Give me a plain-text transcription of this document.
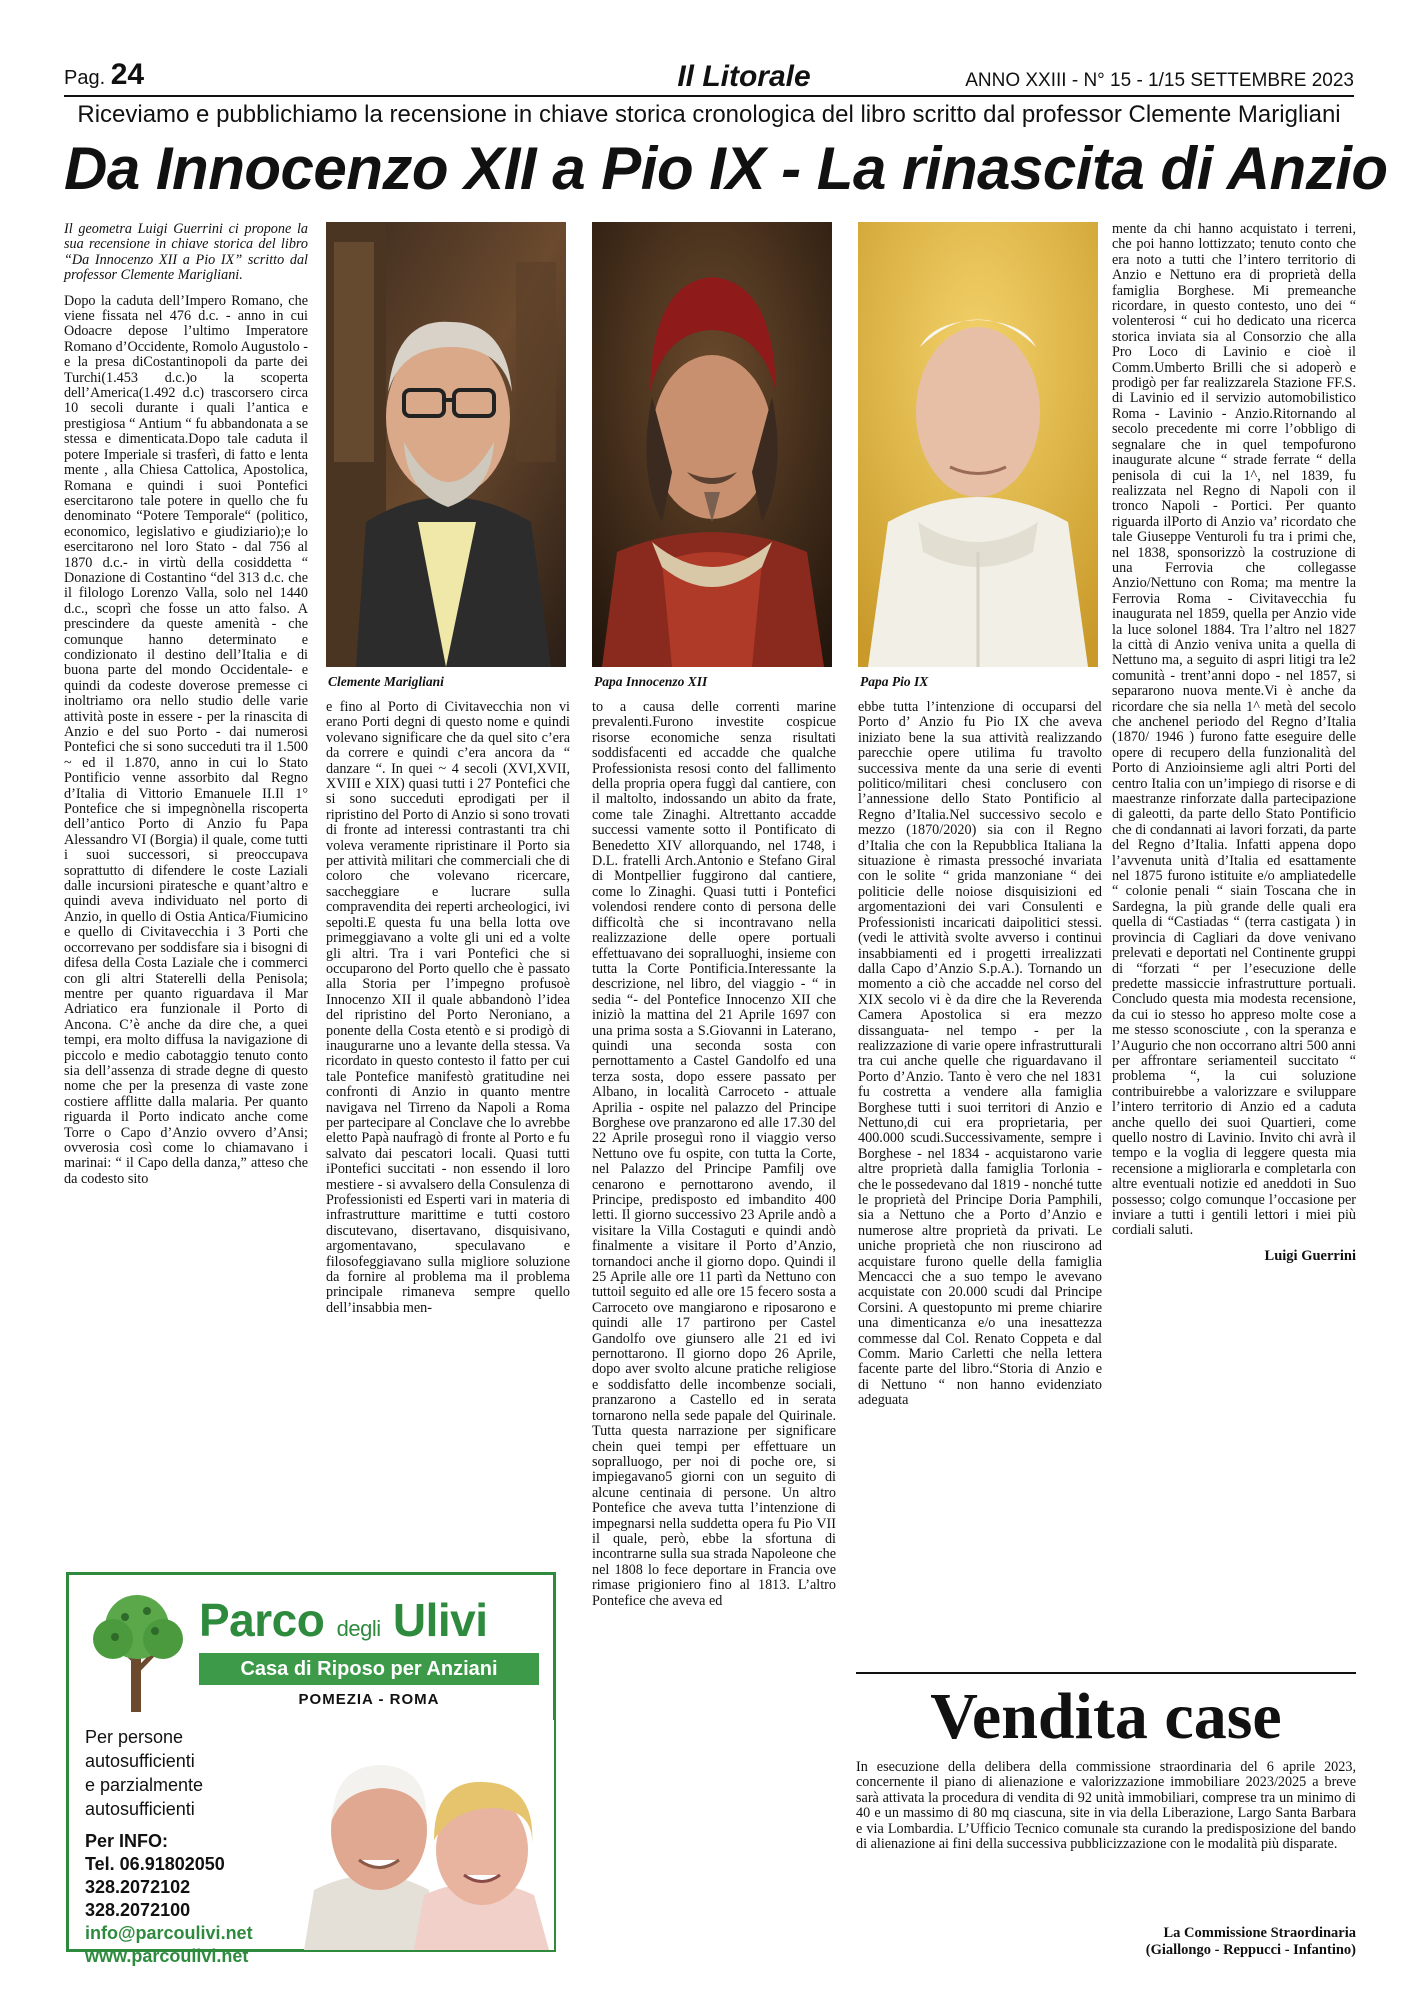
Pag. 24	Il Litorale	ANNO XXIII - N° 15 - 1/15 SETTEMBRE 2023
Riceviamo e pubblichiamo la recensione in chiave storica cronologica del libro scritto dal professor Clemente Marigliani
Da Innocenzo XII a Pio IX - La rinascita di Anzio

Il geometra Luigi Guerrini ci propone la sua recensione in chiave storica del libro “Da Innocenzo XII a Pio IX” scritto dal professor Clemente Marigliani.

Dopo la caduta dell’Impero Romano, che viene fissata nel 476 d.c. - anno in cui Odoacre depose l’ultimo Imperatore Romano d’Occidente, Romolo Augustolo - e la presa diCostantinopoli da parte dei Turchi(1.453 d.c.)o la scoperta dell’America(1.492 d.c) trascorsero circa 10 secoli durante i quali l’antica e prestigiosa “ Antium “ fu abbandonata a se stessa e dimenticata.Dopo tale caduta il potere Imperiale si trasferì, di fatto e lenta mente , alla Chiesa Cattolica, Apostolica, Romana e quindi i suoi Pontefici esercitarono tale potere in quello che fu denominato “Potere Temporale“ (politico, economico, legislativo e giudiziario);e lo esercitarono nel loro Stato - dal 756 al 1870 d.c.- in virtù della cosiddetta “ Donazione di Costantino “del 313 d.c. che il filologo Lorenzo Valla, solo nel 1440 d.c., scoprì che fosse un atto falso. A prescindere da queste amenità - che comunque hanno determinato e condizionato il destino dell’Italia e di buona parte del mondo Occidentale- e quindi da codeste doverose premesse ci inoltriamo ora nello studio delle varie attività poste in essere - per la rinascita di Anzio e del suo Porto - dai numerosi Pontefici che si sono succeduti tra il 1.500 ~ ed il 1.870, anno in cui lo Stato Pontificio venne assorbito dal Regno d’Italia di Vittorio Emanuele II.Il 1° Pontefice che si impegnònella riscoperta dell’antico Porto di Anzio fu Papa Alessandro VI (Borgia) il quale, come tutti i suoi successori, si preoccupava soprattutto di difendere le coste Laziali dalle incursioni piratesche e quant’altro e quindi aveva individuato nel porto di Anzio, in quello di Ostia Antica/Fiumicino e quello di Civitavecchia i 3 Porti che occorrevano per soddisfare sia i bisogni di difesa della Costa Laziale che i commerci con gli altri Staterelli della Penisola; mentre per quanto riguardava il Mar Adriatico era funzionale il Porto di Ancona. C’è anche da dire che, a quei tempi, era molto diffusa la navigazione di piccolo e medio cabotaggio tenuto conto sia dell’assenza di strade degne di questo nome che per la presenza di vaste zone costiere afflitte dalla malaria. Per quanto riguarda il Porto indicato anche come Torre o Capo d’Anzio ovvero d’Ansi; ovverosia così come lo chiamavano i marinai: “ il Capo della danza,” atteso che da codesto sito

Clemente Marigliani	Papa Innocenzo XII	Papa Pio IX

e fino al Porto di Civitavecchia non vi erano Porti degni di questo nome e quindi volevano significare che da quel sito c’era da correre e quindi c’era ancora da “ danzare “. In quei ~ 4 secoli (XVI,XVII, XVIII e XIX) quasi tutti i 27 Pontefici che si sono succeduti eprodigati per il ripristino del Porto di Anzio si sono trovati di fronte ad interessi contrastanti tra chi voleva veramente ripristinare il Porto sia per attività militari che commerciali che di coloro che volevano ricercare, saccheggiare e lucrare sulla compravendita dei reperti archeologici, ivi sepolti.E questa fu una bella lotta ove primeggiavano a volte gli uni ed a volte gli altri. Tra i vari Pontefici che si occuparono del Porto quello che è passato alla Storia per l’impegno profusoè Innocenzo XII il quale abbandonò l’idea del ripristino del Porto Neroniano, a ponente della Costa etentò e si prodigò di inaugurarne uno a levante della stessa. Va ricordato in questo contesto il fatto per cui tale Pontefice manifestò gratitudine nei confronti di Anzio in quanto mentre navigava nel Tirreno da Napoli a Roma per partecipare al Conclave che lo avrebbe eletto Papà naufragò di fronte al Porto e fu salvato dai pescatori locali. Quasi tutti iPontefici succitati - non essendo il loro mestiere - si avvalsero della Consulenza di Professionisti ed Esperti vari in materia di infrastrutture marittime e tutti costoro discutevano, disertavano, disquisivano, argomentavano, speculavano e filosofeggiavano sulla migliore soluzione da fornire al problema ma il problema principale rimaneva sempre quello dell’insabbia men-

to a causa delle correnti marine prevalenti.Furono investite cospicue risorse economiche senza risultati soddisfacenti ed accadde che qualche Professionista resosi conto del fallimento della propria opera fuggì dal cantiere, con il maltolto, indossando un abito da frate, come tale Zinaghi. Altrettanto accadde successi vamente sotto il Pontificato di Benedetto XIV allorquando, nel 1748, i D.L. fratelli Arch.Antonio e Stefano Giral di Montpellier fuggirono dal cantiere, come lo Zinaghi. Quasi tutti i Pontefici volendosi rendere conto di persona delle difficoltà che si incontravano nella realizzazione delle opere portuali effettuavano dei sopralluoghi, insieme con tutta la Corte Pontificia.Interessante la descrizione, nel libro, del viaggio - “ in sedia “- del Pontefice Innocenzo XII che iniziò la mattina del 21 Aprile 1697 con una prima sosta a S.Giovanni in Laterano, quindi una seconda sosta con pernottamento a Castel Gandolfo ed una terza sosta, dopo essere passato per Albano, in località Carroceto - attuale Aprilia - ospite nel palazzo del Principe Borghese ove pranzarono ed alle 17.30 del 22 Aprile proseguì rono il viaggio verso Nettuno ove fu ospite, con tutta la Corte, nel Palazzo del Principe Pamfilj ove cenarono e pernottarono avendo, il Principe, predisposto ed imbandito 400 letti. Il giorno successivo 23 Aprile andò a visitare la Villa Costaguti e quindi andò finalmente a visitare il Porto d’Anzio, tornandoci anche il giorno dopo. Quindi il 25 Aprile alle ore 11 partì da Nettuno con tuttoil seguito ed alle ore 15 fecero sosta a Carroceto ove mangiarono e riposarono e quindi alle 17 partirono per Castel Gandolfo ove giunsero alle 21 ed ivi pernottarono. Il giorno dopo 26 Aprile, dopo aver svolto alcune pratiche religiose e soddisfatto delle incombenze sociali, pranzarono a Castello ed in serata tornarono nella sede papale del Quirinale. Tutta questa narrazione per significare chein quei tempi per effettuare un sopralluogo, per noi di poche ore, si impiegavano5 giorni con un seguito di alcune centinaia di persone. Un altro Pontefice che aveva tutta l’intenzione di impegnarsi nella suddetta opera fu Pio VII il quale, però, ebbe la sfortuna di incontrarne sulla sua strada Napoleone che nel 1808 lo fece deportare in Francia ove rimase prigioniero fino al 1813. L’altro Pontefice che aveva ed

ebbe tutta l’intenzione di occuparsi del Porto d’ Anzio fu Pio IX che aveva iniziato bene la sua attività realizzando parecchie opere utilima fu travolto successiva mente da una serie di eventi politico/militari chesi conclusero con l’annessione dello Stato Pontificio al Regno d’Italia.Nel successivo secolo e mezzo (1870/2020) sia con il Regno d’Italia che con la Repubblica Italiana la situazione è rimasta pressoché invariata con le solite “ grida manzoniane “ dei politicie delle noiose disquisizioni ed argomentazioni dei vari Consulenti e Professionisti incaricati daipolitici stessi. (vedi le attività svolte avverso i continui insabbiamenti ed i progetti irrealizzati dalla Capo d’Anzio S.p.A.). Tornando un momento a ciò che accadde nel corso del XIX secolo vi è da dire che la Reverenda Camera Apostolica si era mezzo dissanguata- nel tempo - per la realizzazione di varie opere infrastrutturali tra cui anche quelle che riguardavano il Porto d’Anzio. Tanto è vero che nel 1831 fu costretta a vendere alla famiglia Borghese tutti i suoi territori di Anzio e Nettuno,di cui era proprietaria, per 400.000 scudi.Successivamente, sempre i Borghese - nel 1834 - acquistarono varie altre proprietà dalla famiglia Torlonia - che le possedevano dal 1819 - nonché tutte le proprietà del Principe Doria Pamphili, sia a Nettuno che a Porto d’Anzio e numerose altre proprietà da privati. Le uniche proprietà che non riuscirono ad acquistare furono quelle della famiglia Mencacci che a suo tempo le avevano acquistate con 20.000 scudi dal Principe Corsini. A questopunto mi preme chiarire una dimenticanza e/o una inesattezza commesse dal Col. Renato Coppeta e dal Comm. Mario Carletti che nella lettera facente parte del libro.“Storia di Anzio e di Nettuno “ non hanno evidenziato adeguata

mente da chi hanno acquistato i terreni, che poi hanno lottizzato; tenuto conto che era noto a tutti che l’intero territorio di Anzio e Nettuno era di proprietà della famiglia Borghese. Mi premeanche ricordare, in questo contesto, uno dei “ volenterosi “ cui ho dedicato una ricerca storica inviata sia al Consorzio che alla Pro Loco di Lavinio e cioè il Comm.Umberto Brilli che si adoperò e prodigò per far realizzarela Stazione FF.S. di Lavinio ed il servizio automobilistico Roma - Lavinio - Anzio.Ritornando al secolo precedente mi corre l’obbligo di segnalare che in quel tempofurono inaugurate alcune “ strade ferrate “ della penisola di cui la 1^, nel 1839, fu realizzata nel Regno di Napoli con il tronco Napoli - Portici. Per quanto riguarda ilPorto di Anzio va’ ricordato che tale Giuseppe Venturoli fu tra i primi che, nel 1838, sponsorizzò la costruzione di una Ferrovia che collegasse Anzio/Nettuno con Roma; ma mentre la Ferrovia Roma - Civitavecchia fu inaugurata nel 1859, quella per Anzio vide la luce solonel 1884. Tra l’altro nel 1827 la città di Anzio veniva unita a quella di Nettuno ma, a seguito di aspri litigi tra le2 comunità - trent’anni dopo - nel 1857, si separarono nuova mente.Vi è anche da ricordare che sia nella 1^ metà del secolo che anchenel periodo del Regno d’Italia (1870/ 1946 ) furono fatte eseguire delle opere di recupero della funzionalità del Porto di Anzioinsieme agli altri Porti del centro Italia con un’impiego di risorse e di maestranze rinforzate dalla partecipazione di galeotti, da parte dello Stato Pontificio che di condannati ai lavori forzati, da parte del Regno d’Italia. Infatti appena dopo l’avvenuta unità d’Italia ed esattamente nel 1875 furono istituite e/o ampliatedelle “ colonie penali “ siain Toscana che in Sardegna, la più grande delle quali era quella di “Castiadas “ (terra castigata ) in provincia di Cagliari da dove venivano prelevati e deportati nel Continente gruppi di “forzati “ per l’esecuzione delle predette massiccie infrastrutture portuali. Concludo questa mia modesta recensione, da cui io stesso ho appreso molte cose a me stesso sconosciute , con la speranza e l’Augurio che non occorrano altri 500 anni per affrontare seriamenteil succitato “ problema “, la cui soluzione contribuirebbe a valorizzare e sviluppare l’intero territorio di Anzio ed a caduta anche quello dei suoi Quartieri, come quello nostro di Lavinio. Invito chi avrà il tempo e la voglia di leggere questa mia recensione a migliorarla e completarla con altre eventuali notizie ed aneddoti in Suo possesso; colgo comunque l’occasione per inviare a tutti i gentili lettori i miei più cordiali saluti.

Luigi Guerrini
Parco degli Ulivi
Casa di Riposo per Anziani
POMEZIA - ROMA
Per persone
autosufficienti
e parzialmente
autosufficienti
Per INFO:
Tel. 06.91802050
328.2072102
328.2072100
info@parcoulivi.net
www.parcoulivi.net
Vendita case
In esecuzione della delibera della commissione straordinaria del 6 aprile 2023, concernente il piano di alienazione e valorizzazione immobiliare 2023/2025 a breve sarà attivata la procedura di vendita di 92 unità immobiliari, comprese tra un minimo di 40 e un massimo di 80 mq ciascuna, site in via della Liberazione, Largo Santa Barbara e via Lombardia. L’Ufficio Tecnico comunale sta curando la predisposizione del bando di alienazione ai fini della successiva pubblicizzazione con le modalità più disparate.
La Commissione Straordinaria
(Giallongo - Reppucci - Infantino)
